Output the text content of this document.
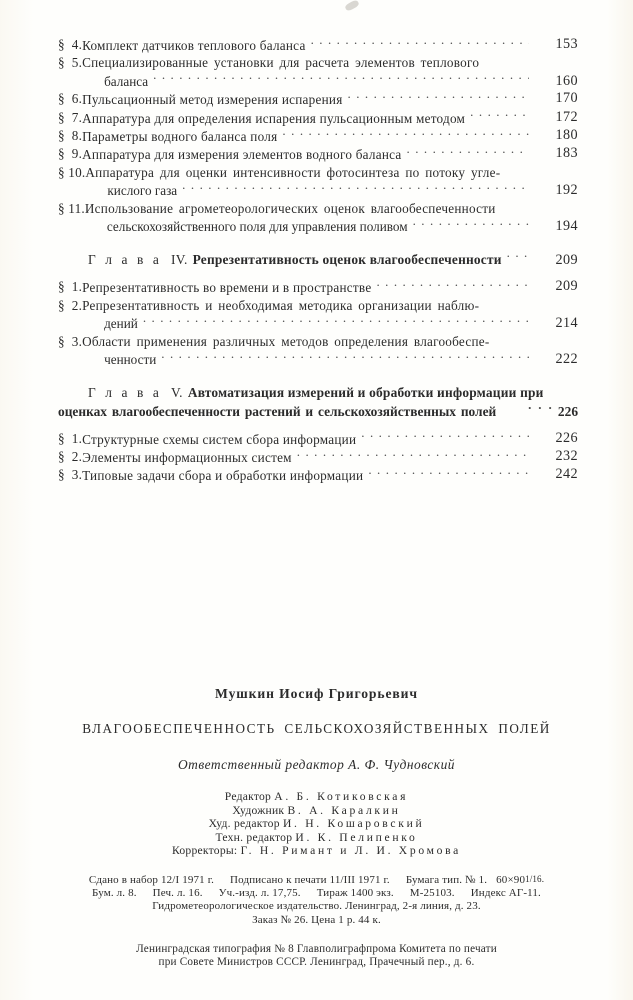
§  4. Комплект датчиков теплового баланса . . .	153
§  5. Специализированные установки для расчета элементов теплового
баланса . . .	160
§  6. Пульсационный метод измерения испарения . . .	170
§  7. Аппаратура для определения испарения пульсационным методом . . .	172
§  8. Параметры водного баланса поля . . .	180
§  9. Аппаратура для измерения элементов водного баланса . . .	183
§ 10. Аппаратура для оценки интенсивности фотосинтеза по потоку угле-
кислого газа . . .	192
§ 11. Использование агрометеорологических оценок влагообеспеченности
сельскохозяйственного поля для управления поливом . . .	194
Г л а в а IV. Репрезентативность оценок влагообеспеченности . . .	209
§  1. Репрезентативность во времени и в пространстве . . .	209
§  2. Репрезентативность и необходимая методика организации наблю-
дений . . .	214
§  3. Области применения различных методов определения влагообеспе-
ченности . . .	222
Г л а в а V. Автоматизация измерений и обработки информации при
оценках влагообеспеченности растений и сельскохозяйственных полей . . .	226
§  1. Структурные схемы систем сбора информации . . .	226
§  2. Элементы информационных систем . . .	232
§  3. Типовые задачи сбора и обработки информации . . .	242
Мушкин Иосиф Григорьевич
ВЛАГООБЕСПЕЧЕННОСТЬ СЕЛЬСКОХОЗЯЙСТВЕННЫХ ПОЛЕЙ
Ответственный редактор А. Ф. Чудновский
Редактор А. Б. Котиковская
Художник В. А. Каралкин
Худ. редактор И. Н. Кошаровский
Техн. редактор И. К. Пелипенко
Корректоры: Г. Н. Римант и Л. И. Хромова
Сдано в набор 12/I 1971 г. Подписано к печати 11/III 1971 г. Бумага тип. № 1. 60×901/16.
Бум. л. 8. Печ. л. 16. Уч.-изд. л. 17,75. Тираж 1400 экз. М-25103. Индекс АГ-11.
Гидрометеорологическое издательство. Ленинград, 2-я линия, д. 23.
Заказ № 26. Цена 1 р. 44 к.
Ленинградская типография № 8 Главполиграфпрома Комитета по печати
при Совете Министров СССР. Ленинград, Прачечный пер., д. 6.
